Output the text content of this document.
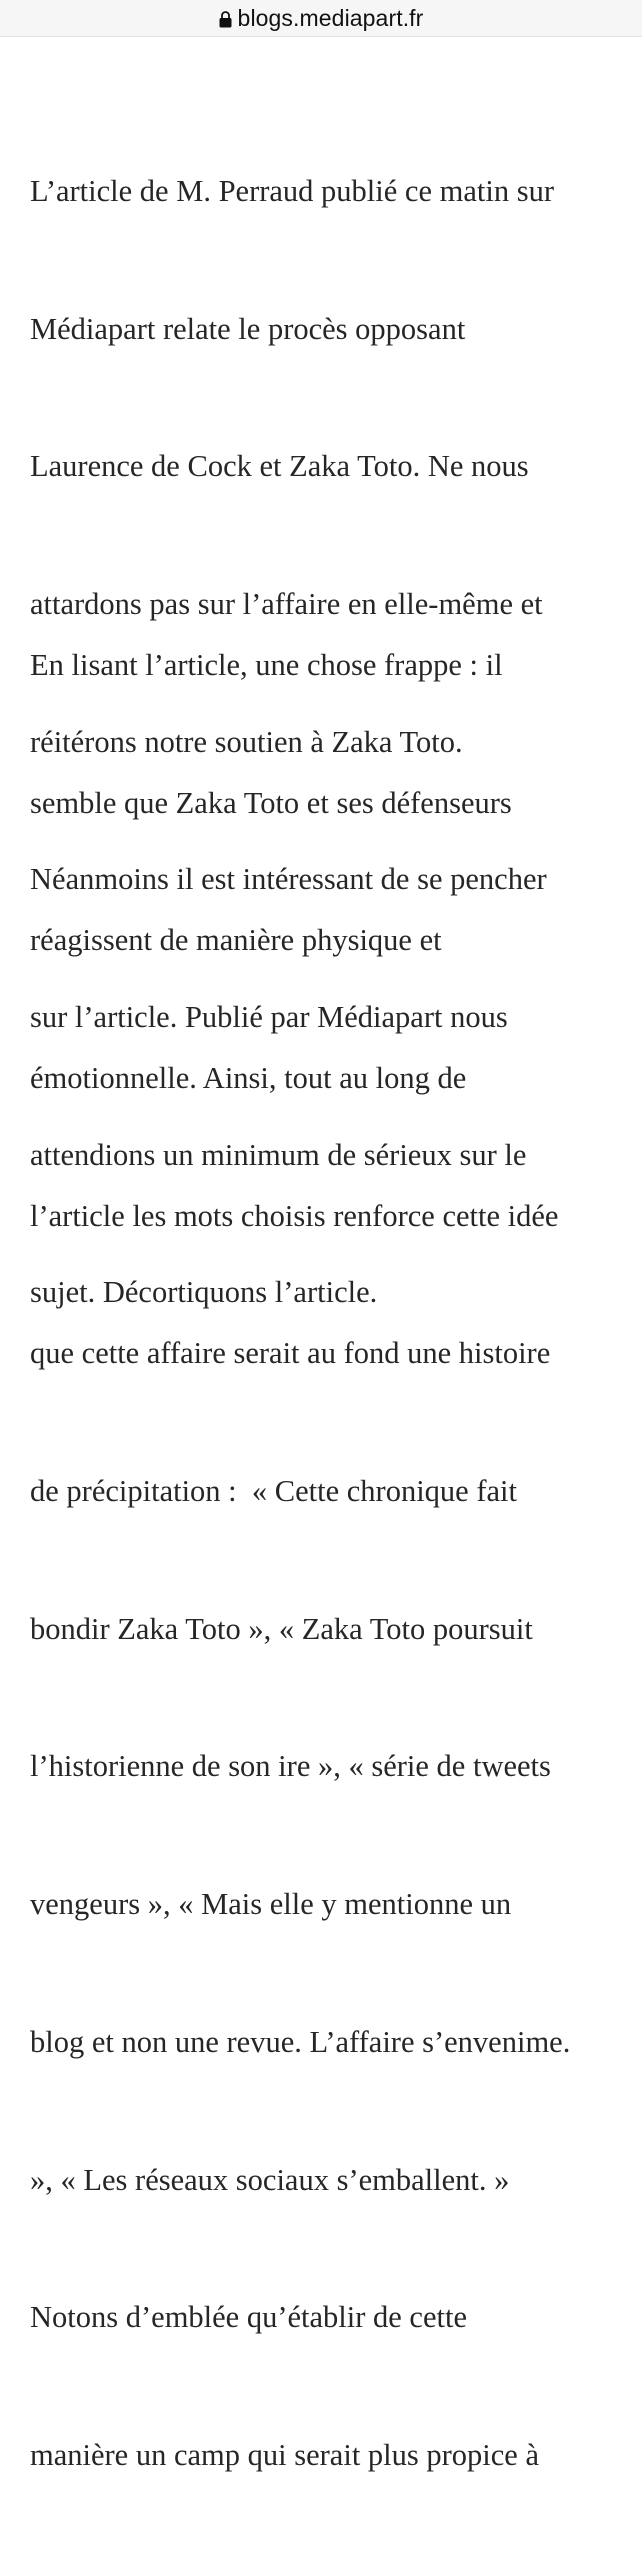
blogs.mediapart.fr

L’article de M. Perraud publié ce matin sur

Médiapart relate le procès opposant

Laurence de Cock et Zaka Toto. Ne nous

attardons pas sur l’affaire en elle-même et

réitérons notre soutien à Zaka Toto.

Néanmoins il est intéressant de se pencher

sur l’article. Publié par Médiapart nous

attendions un minimum de sérieux sur le

sujet. Décortiquons l’article.

En lisant l’article, une chose frappe : il

semble que Zaka Toto et ses défenseurs

réagissent de manière physique et

émotionnelle. Ainsi, tout au long de

l’article les mots choisis renforce cette idée

que cette affaire serait au fond une histoire

de précipitation :  « Cette chronique fait

bondir Zaka Toto », « Zaka Toto poursuit

l’historienne de son ire », « série de tweets

vengeurs », « Mais elle y mentionne un

blog et non une revue. L’affaire s’envenime.

», « Les réseaux sociaux s’emballent. »

Notons d’emblée qu’établir de cette

manière un camp qui serait plus propice à
